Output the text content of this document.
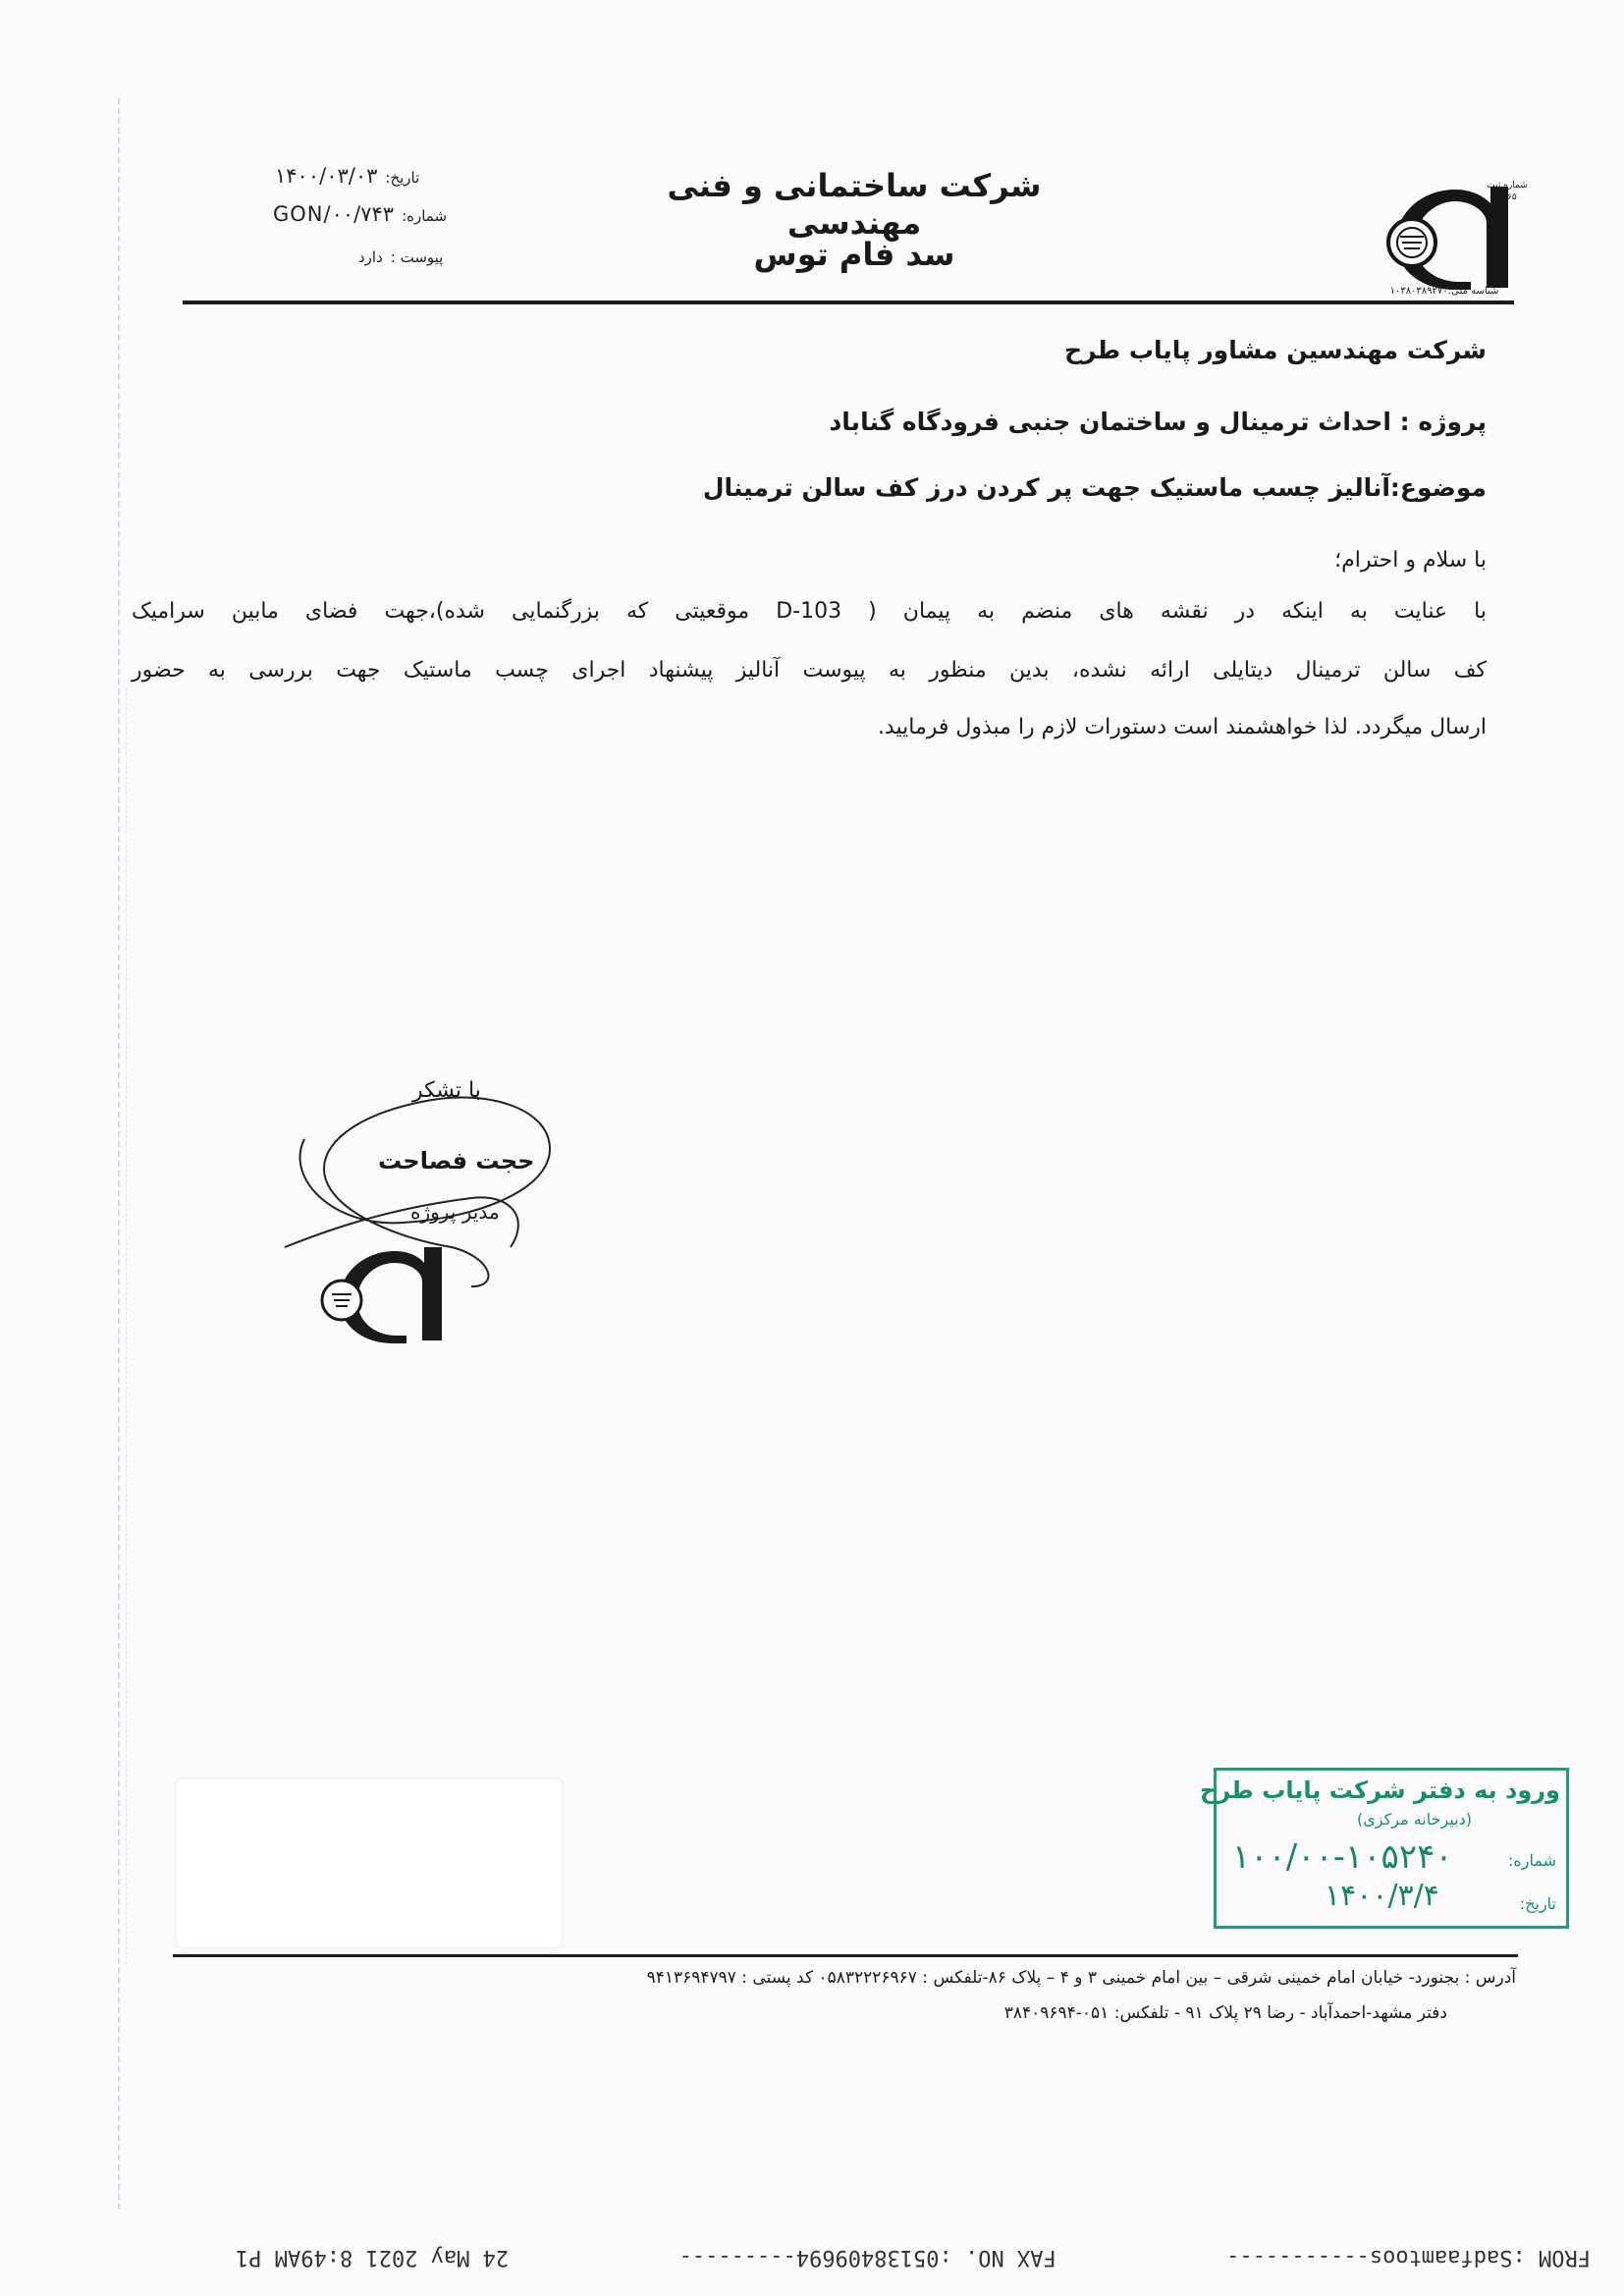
تاریخ:
۱۴۰۰/۰۳/۰۳
شماره:
GON/۰۰/۷۴۳
پیوست :
دارد
شرکت ساختمانی و فنی مهندسی
سد فام توس
شماره ثبت
۳۰۶۵
شناسه ملی:۱۰۳۸۰۳۸۹۲۷۰
شرکت مهندسین مشاور پایاب طرح
پروژه : احداث ترمینال و ساختمان جنبی فرودگاه گناباد
موضوع:آنالیز چسب ماستیک جهت پر کردن درز کف سالن ترمینال
با سلام و احترام؛
با عنایت به اینکه در نقشه های منضم به پیمان ( D-103 موقعیتی که بزرگنمایی شده)،جهت فضای مابین سرامیک
کف سالن ترمینال دیتایلی ارائه نشده، بدین منظور به پیوست آنالیز پیشنهاد اجرای چسب ماستیک جهت بررسی به حضور
ارسال میگردد. لذا خواهشمند است دستورات لازم را مبذول فرمایید.
با تشکر
حجت فصاحت
مدیر پروژه
ورود به دفتر شرکت پایاب طرح
(دبیرخانه مرکزی)
شماره:
۱۰۰/۰۰-۱۰۵۲۴۰
تاریخ:
۱۴۰۰/۳/۴
آدرس : بجنورد- خیابان امام خمینی شرقی – بین امام خمینی ۳ و ۴ – پلاک ۸۶-تلفکس : ۰۵۸۳۲۲۲۶۹۶۷ کد پستی : ۹۴۱۳۶۹۴۷۹۷
دفتر مشهد-احمدآباد - رضا ۲۹ پلاک ۹۱ - تلفکس: ۰۵۱-۳۸۴۰۹۶۹۴
FROM :Sadfaamtoos-----------
FAX NO. :05138409694---------
24 May 2021 8:49AM P1
